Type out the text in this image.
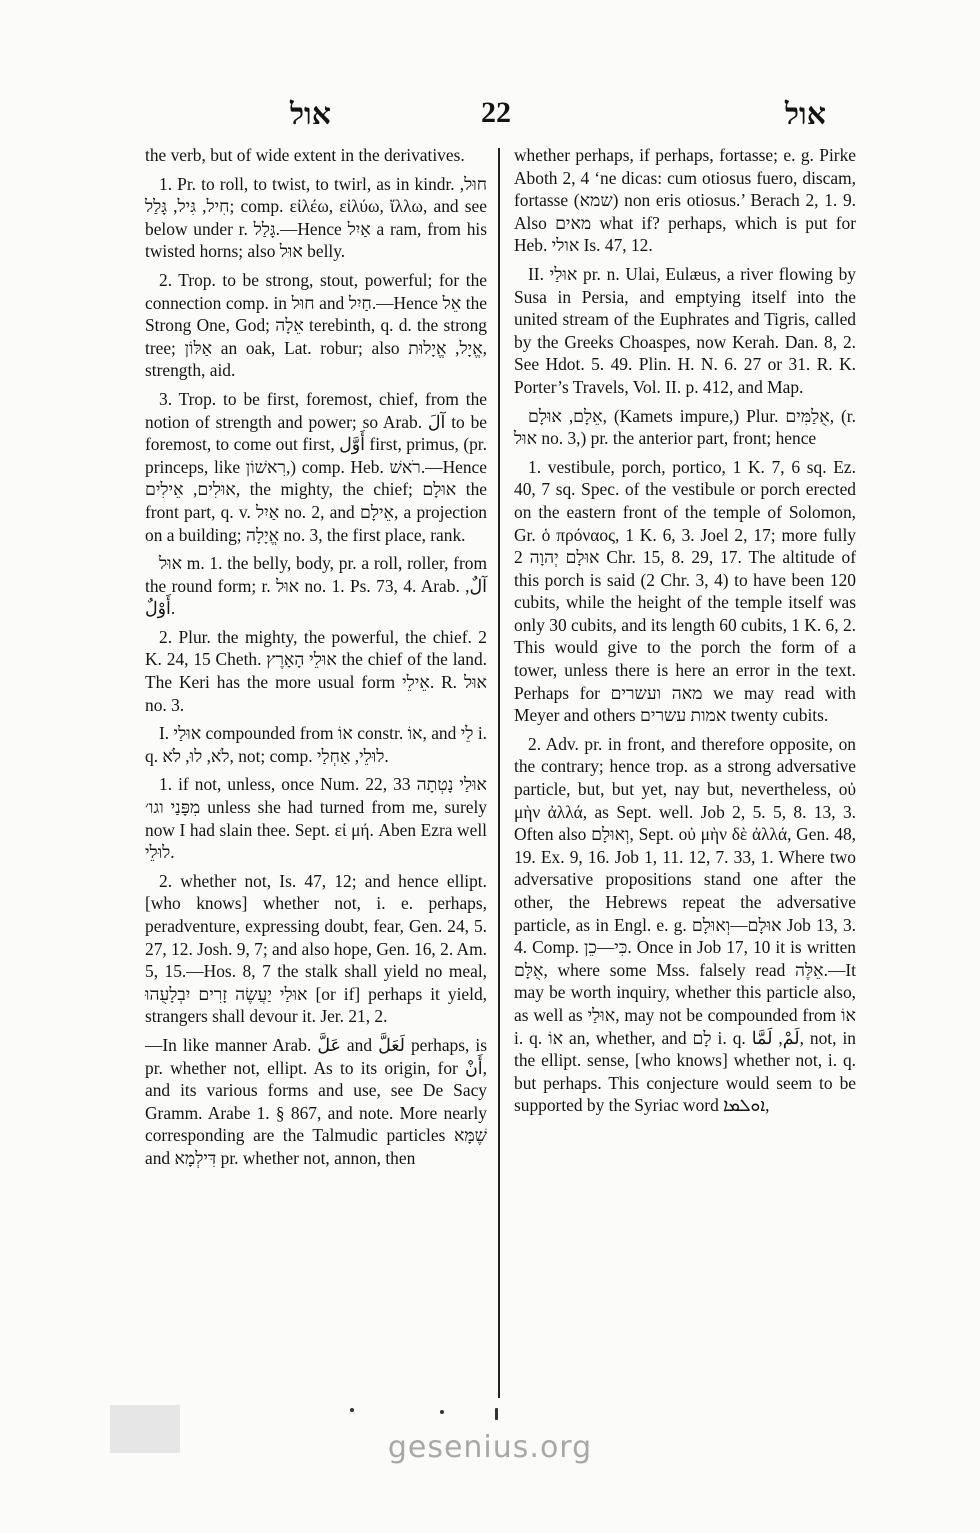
אול	22	אול

the verb, but of wide extent in the derivatives.

1. Pr. to roll, to twist, to twirl, as in kindr. חוּל, חִיל, גִּיל, גָּלַל; comp. εἰλέω, εἰλύω, ἴλλω, and see below under r. גָּלַל.—Hence אַיִל a ram, from his twisted horns; also אוּל belly.

2. Trop. to be strong, stout, powerful; for the connection comp. in חוּל and חַיִל.—Hence אֵל the Strong One, God; אֵלָה terebinth, q. d. the strong tree; אַלּוֹן an oak, Lat. robur; also אֱיָל, אֱיָלוּת, strength, aid.

3. Trop. to be first, foremost, chief, from the notion of strength and power; so Arab. آلَ to be foremost, to come out first, أَوَّل first, primus, (pr. princeps, like רִאשׁוֹן,) comp. Heb. רֹאשׁ.—Hence אוּלִים, אֵילִים, the mighty, the chief; אוּלָם the front part, q. v. אַיִל no. 2, and אֵילָם, a projection on a building; אֱיָלָה no. 3, the first place, rank.

אוּל m. 1. the belly, body, pr. a roll, roller, from the round form; r. אוּל no. 1. Ps. 73, 4. Arab. آلٌ, أَوْلٌ.

2. Plur. the mighty, the powerful, the chief. 2 K. 24, 15 Cheth. אוּלֵי הָאָרֶץ the chief of the land. The Keri has the more usual form אֵילֵי. R. אוּל no. 3.

I. אוּלַי compounded from אוֹ constr. אוֹ, and לֵי i. q. לֹא, לוּ, לֹא, not; comp. לוּלֵי, אַחְלַי.

1. if not, unless, once Num. 22, 33 אוּלַי נָטְתָה מִפָּנַי וגו׳ unless she had turned from me, surely now I had slain thee. Sept. εἰ μή. Aben Ezra well לוּלֵי.

2. whether not, Is. 47, 12; and hence ellipt. [who knows] whether not, i. e. perhaps, peradventure, expressing doubt, fear, Gen. 24, 5. 27, 12. Josh. 9, 7; and also hope, Gen. 16, 2. Am. 5, 15.—Hos. 8, 7 the stalk shall yield no meal, אוּלַי יַעֲשֶׂה זָרִים יִבְלָעֻהוּ [or if] perhaps it yield, strangers shall devour it. Jer. 21, 2.

—In like manner Arab. عَلَّ and لَعَلَّ perhaps, is pr. whether not, ellipt. As to its origin, for أَنْ, and its various forms and use, see De Sacy Gramm. Arabe 1. § 867, and note. More nearly corresponding are the Talmudic particles שֶׁמָּא and דִּילְמָא pr. whether not, annon, then

whether perhaps, if perhaps, fortasse; e. g. Pirke Aboth 2, 4 ‘ne dicas: cum otiosus fuero, discam, fortasse (שמא) non eris otiosus.’ Berach 2, 1. 9. Also מאים what if? perhaps, which is put for Heb. אולי Is. 47, 12.

II. אוּלַי pr. n. Ulai, Eulæus, a river flowing by Susa in Persia, and emptying itself into the united stream of the Euphrates and Tigris, called by the Greeks Choaspes, now Kerah. Dan. 8, 2. See Hdot. 5. 49. Plin. H. N. 6. 27 or 31. R. K. Porter’s Travels, Vol. II. p. 412, and Map.

אֵלָם, אוּלָם, (Kamets impure,) Plur. אֻלַמִּים, (r. אוּל no. 3,) pr. the anterior part, front; hence

1. vestibule, porch, portico, 1 K. 7, 6 sq. Ez. 40, 7 sq. Spec. of the vestibule or porch erected on the eastern front of the temple of Solomon, Gr. ὁ πρόναος, 1 K. 6, 3. Joel 2, 17; more fully אוּלָם יְהוָה 2 Chr. 15, 8. 29, 17. The altitude of this porch is said (2 Chr. 3, 4) to have been 120 cubits, while the height of the temple itself was only 30 cubits, and its length 60 cubits, 1 K. 6, 2. This would give to the porch the form of a tower, unless there is here an error in the text. Perhaps for מאה ועשרים we may read with Meyer and others אמות עשרים twenty cubits.

2. Adv. pr. in front, and therefore opposite, on the contrary; hence trop. as a strong adversative particle, but, but yet, nay but, nevertheless, οὐ μὴν ἀλλά, as Sept. well. Job 2, 5. 5, 8. 13, 3. Often also וְאוּלָם, Sept. οὐ μὴν δὲ ἀλλά, Gen. 48, 19. Ex. 9, 16. Job 1, 11. 12, 7. 33, 1. Where two adversative propositions stand one after the other, the Hebrews repeat the adversative particle, as in Engl. e. g. אוּלָם—וְאוּלָם Job 13, 3. 4. Comp. כִּי—כֵן. Once in Job 17, 10 it is written אֻלָּם, where some Mss. falsely read אֵלֶּה.—It may be worth inquiry, whether this particle also, as well as אוּלַי, may not be compounded from אוֹ i. q. אוֹ an, whether, and לָם i. q. لَمْ, لَمَّا, not, in the ellipt. sense, [who knows] whether not, i. q. but perhaps. This conjecture would seem to be supported by the Syriac word ܐܘܠܡܐ,

gesenius.org
